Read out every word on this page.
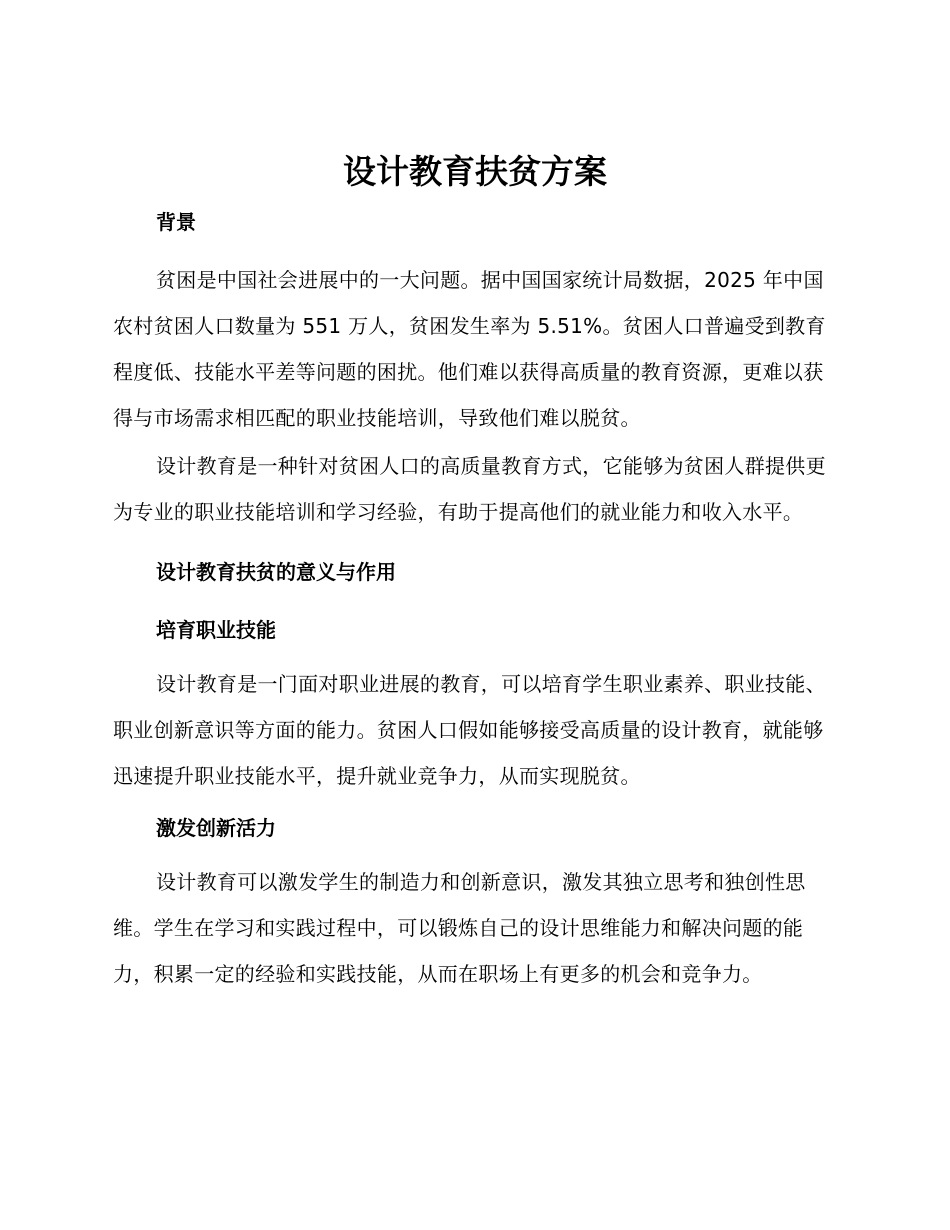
设计教育扶贫方案
背景

贫困是中国社会进展中的一大问题。据中国国家统计局数据，2025 年中国农村贫困人口数量为 551 万人，贫困发生率为 5.51%。贫困人口普遍受到教育程度低、技能水平差等问题的困扰。他们难以获得高质量的教育资源，更难以获得与市场需求相匹配的职业技能培训，导致他们难以脱贫。

设计教育是一种针对贫困人口的高质量教育方式，它能够为贫困人群提供更为专业的职业技能培训和学习经验，有助于提高他们的就业能力和收入水平。

设计教育扶贫的意义与作用
培育职业技能

设计教育是一门面对职业进展的教育，可以培育学生职业素养、职业技能、职业创新意识等方面的能力。贫困人口假如能够接受高质量的设计教育，就能够迅速提升职业技能水平，提升就业竞争力，从而实现脱贫。

激发创新活力

设计教育可以激发学生的制造力和创新意识，激发其独立思考和独创性思维。学生在学习和实践过程中，可以锻炼自己的设计思维能力和解决问题的能力，积累一定的经验和实践技能，从而在职场上有更多的机会和竞争力。
